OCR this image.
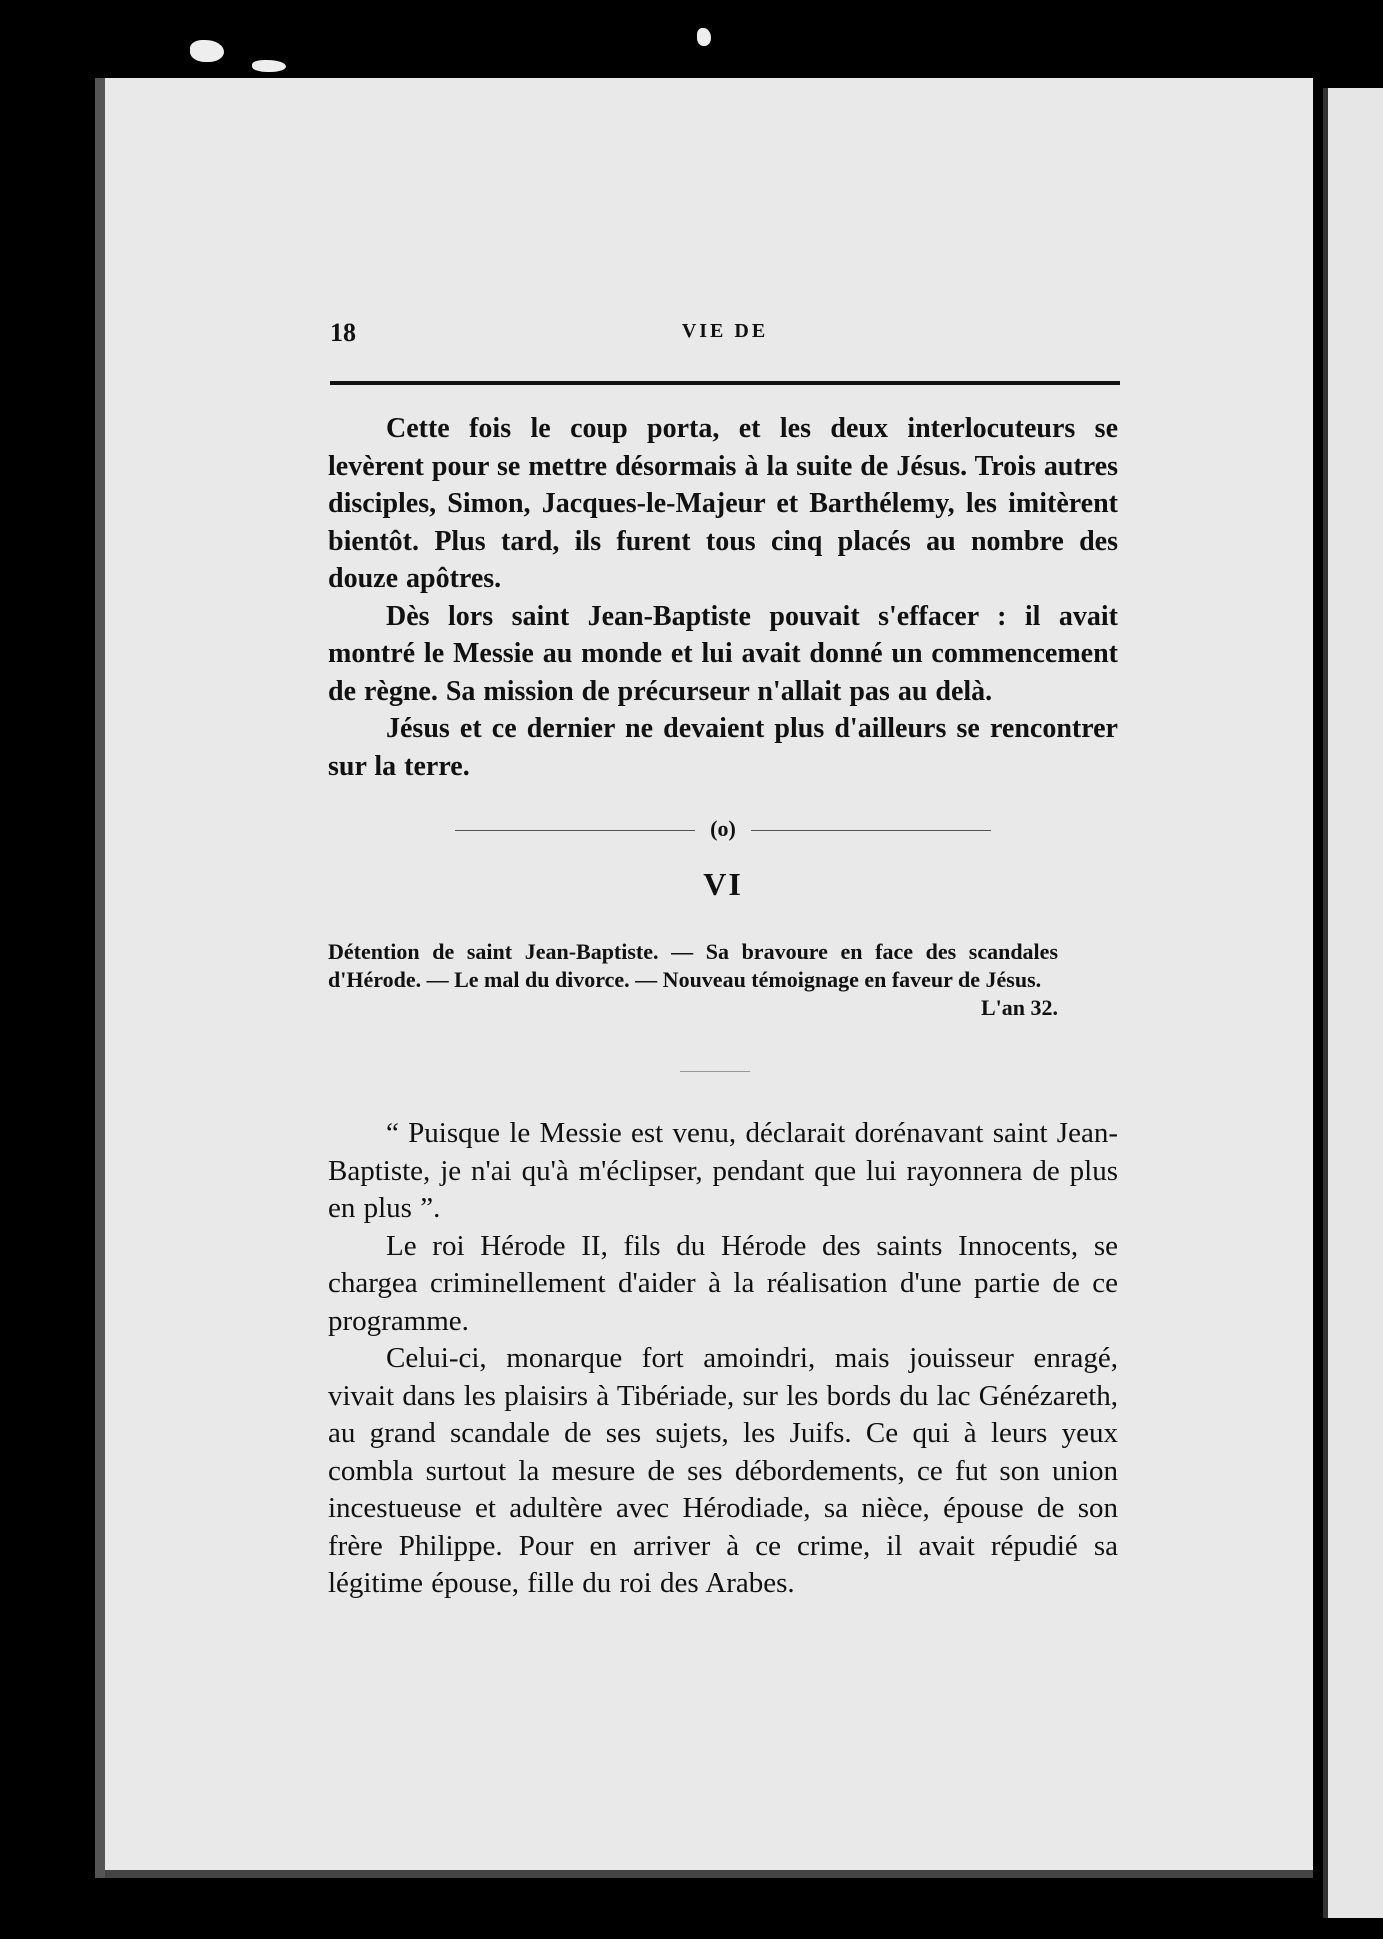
18	VIE DE

Cette fois le coup porta, et les deux interlocuteurs se levèrent pour se mettre désormais à la suite de Jésus. Trois autres disciples, Simon, Jacques-le-Majeur et Barthélemy, les imitèrent bientôt. Plus tard, ils furent tous cinq placés au nombre des douze apôtres.

Dès lors saint Jean-Baptiste pouvait s'effacer : il avait montré le Messie au monde et lui avait donné un commencement de règne. Sa mission de précurseur n'allait pas au delà.

Jésus et ce dernier ne devaient plus d'ailleurs se rencontrer sur la terre.

(o)
VI
Détention de saint Jean-Baptiste. — Sa bravoure en face des scandales d'Hérode. — Le mal du divorce. — Nouveau témoignage en faveur de Jésus.
L'an 32.

“ Puisque le Messie est venu, déclarait dorénavant saint Jean-Baptiste, je n'ai qu'à m'éclipser, pendant que lui rayonnera de plus en plus ”.

Le roi Hérode II, fils du Hérode des saints Innocents, se chargea criminellement d'aider à la réalisation d'une partie de ce programme.

Celui-ci, monarque fort amoindri, mais jouisseur enragé, vivait dans les plaisirs à Tibériade, sur les bords du lac Génézareth, au grand scandale de ses sujets, les Juifs. Ce qui à leurs yeux combla surtout la mesure de ses débordements, ce fut son union incestueuse et adultère avec Hérodiade, sa nièce, épouse de son frère Philippe. Pour en arriver à ce crime, il avait répudié sa légitime épouse, fille du roi des Arabes.
